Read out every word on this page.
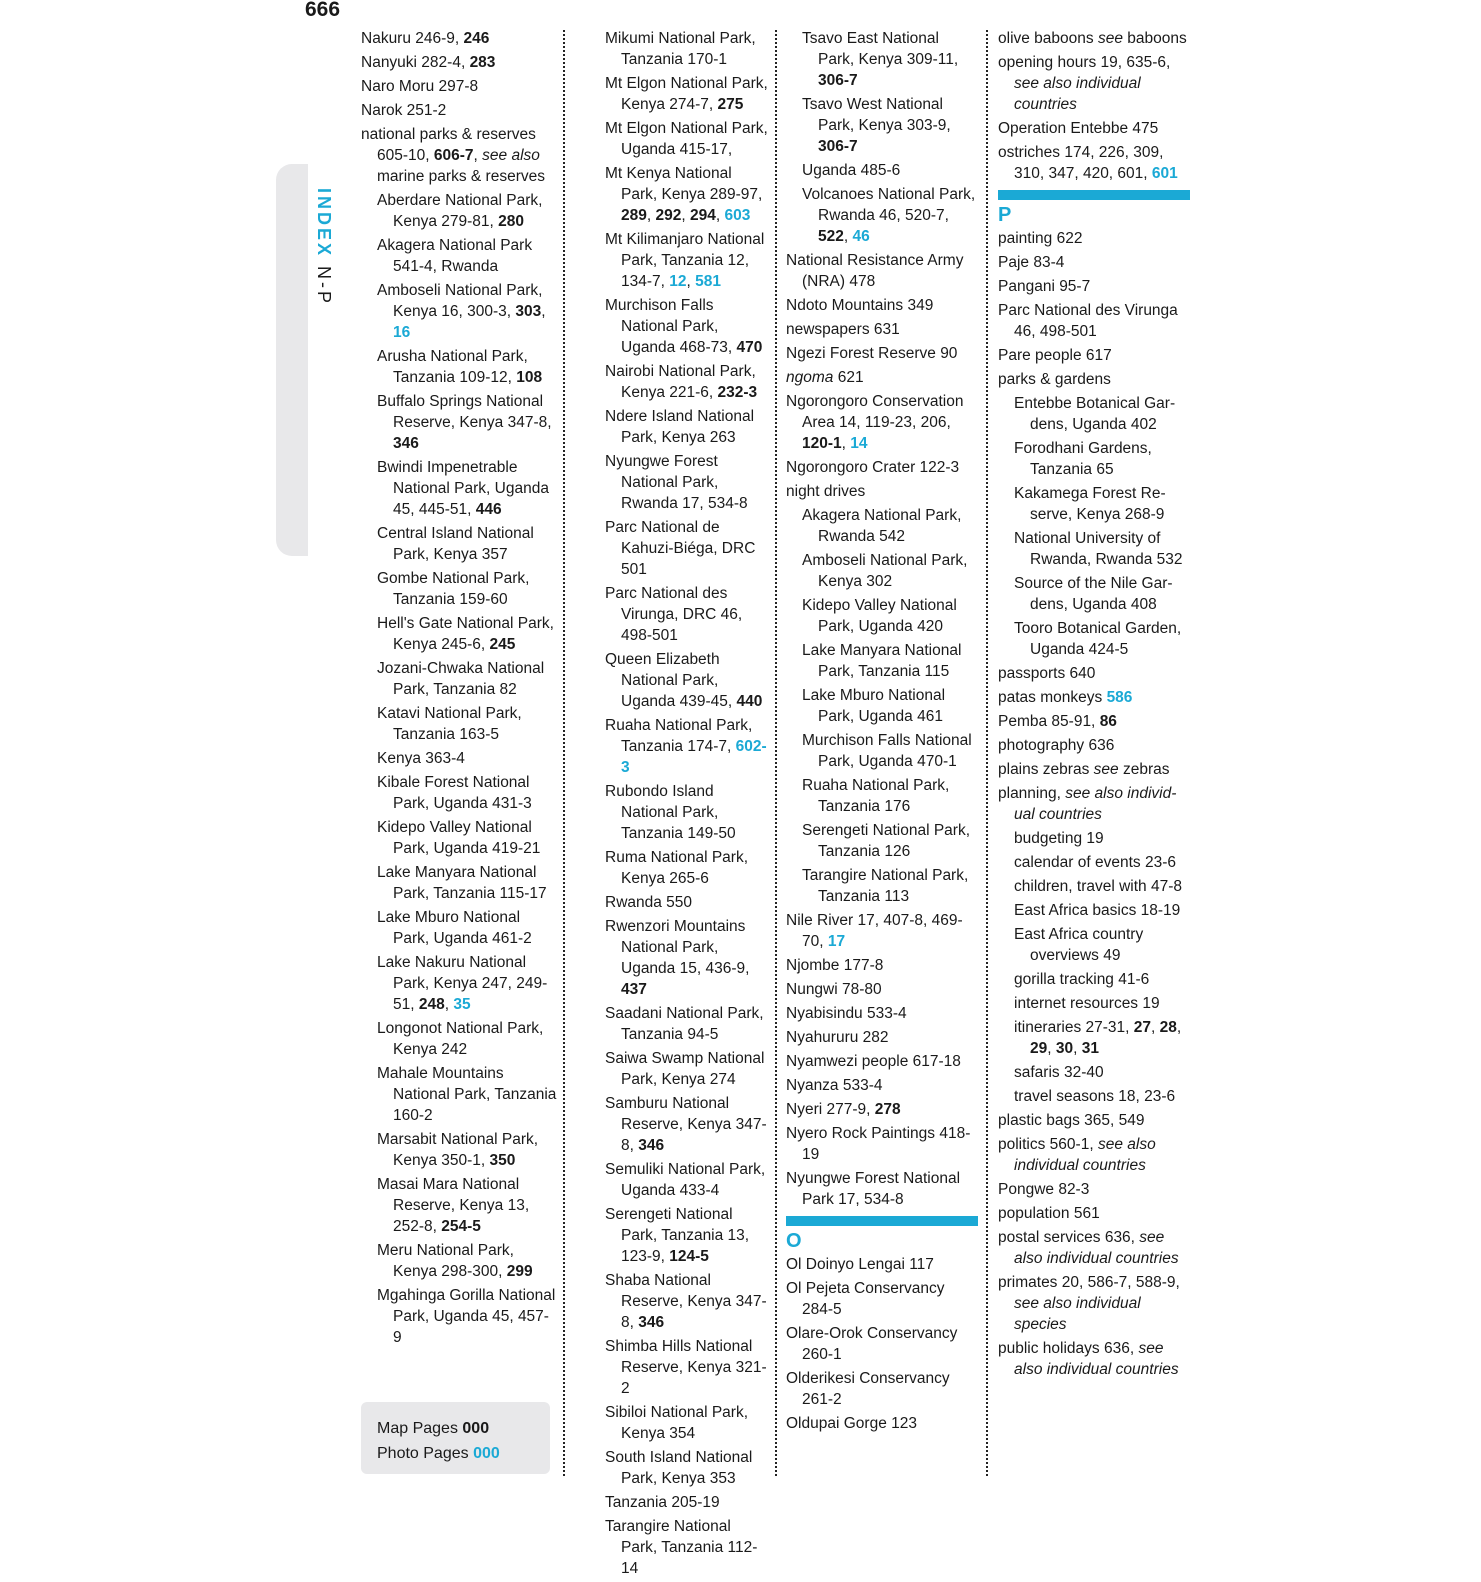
666
INDEXN-P
Nakuru 246-9, 246
Nanyuki 282-4, 283
Naro Moru 297-8
Narok 251-2
national parks & reserves 605-10, 606-7, see also marine parks & reserves
Aberdare National Park, Kenya 279-81, 280
Akagera National Park 541-4, Rwanda
Amboseli National Park, Kenya 16, 300-3, 303, 16
Arusha National Park, Tanzania 109-12, 108
Buffalo Springs National Reserve, Kenya 347-8, 346
Bwindi Impenetrable National Park, Uganda 45, 445-51, 446
Central Island National Park, Kenya 357
Gombe National Park, Tanzania 159-60
Hell's Gate National Park, Kenya 245-6, 245
Jozani-Chwaka National Park, Tanzania 82
Katavi National Park, Tanzania 163-5
Kenya 363-4
Kibale Forest National Park, Uganda 431-3
Kidepo Valley National Park, Uganda 419-21
Lake Manyara National Park, Tanzania 115-17
Lake Mburo National Park, Uganda 461-2
Lake Nakuru National Park, Kenya 247, 249-51, 248, 35
Longonot National Park, Kenya 242
Mahale Mountains National Park, Tanzania 160-2
Marsabit National Park, Kenya 350-1, 350
Masai Mara National Reserve, Kenya 13, 252-8, 254-5
Meru National Park, Kenya 298-300, 299
Mgahinga Gorilla National Park, Uganda 45, 457-9
Mikumi National Park, Tanzania 170-1
Mt Elgon National Park, Kenya 274-7, 275
Mt Elgon National Park, Uganda 415-17,
Mt Kenya National Park, Kenya 289-97, 289, 292, 294, 603
Mt Kilimanjaro National Park, Tanzania 12, 134-7, 12, 581
Murchison Falls National Park, Uganda 468-73, 470
Nairobi National Park, Kenya 221-6, 232-3
Ndere Island National Park, Kenya 263
Nyungwe Forest National Park, Rwanda 17, 534-8
Parc National de Kahuzi-Biéga, DRC 501
Parc National des Virunga, DRC 46, 498-501
Queen Elizabeth National Park, Uganda 439-45, 440
Ruaha National Park, Tanzania 174-7, 602-3
Rubondo Island National Park, Tanzania 149-50
Ruma National Park, Kenya 265-6
Rwanda 550
Rwenzori Mountains National Park, Uganda 15, 436-9, 437
Saadani National Park, Tanzania 94-5
Saiwa Swamp National Park, Kenya 274
Samburu National Reserve, Kenya 347-8, 346
Semuliki National Park, Uganda 433-4
Serengeti National Park, Tanzania 13, 123-9, 124-5
Shaba National Reserve, Kenya 347-8, 346
Shimba Hills National Reserve, Kenya 321-2
Sibiloi National Park, Kenya 354
South Island National Park, Kenya 353
Tanzania 205-19
Tarangire National Park, Tanzania 112-14
Tsavo East National Park, Kenya 309-11, 306-7
Tsavo West National Park, Kenya 303-9, 306-7
Uganda 485-6
Volcanoes National Park, Rwanda 46, 520-7, 522, 46
National Resistance Army (NRA) 478
Ndoto Mountains 349
newspapers 631
Ngezi Forest Reserve 90
ngoma 621
Ngorongoro Conservation Area 14, 119-23, 206, 120-1, 14
Ngorongoro Crater 122-3
night drives
Akagera National Park, Rwanda 542
Amboseli National Park, Kenya 302
Kidepo Valley National Park, Uganda 420
Lake Manyara National Park, Tanzania 115
Lake Mburo National Park, Uganda 461
Murchison Falls National Park, Uganda 470-1
Ruaha National Park, Tanzania 176
Serengeti National Park, Tanzania 126
Tarangire National Park, Tanzania 113
Nile River 17, 407-8, 469-70, 17
Njombe 177-8
Nungwi 78-80
Nyabisindu 533-4
Nyahururu 282
Nyamwezi people 617-18
Nyanza 533-4
Nyeri 277-9, 278
Nyero Rock Paintings 418-19
Nyungwe Forest National Park 17, 534-8
O
Ol Doinyo Lengai 117
Ol Pejeta Conservancy 284-5
Olare-Orok Conservancy 260-1
Olderikesi Conservancy 261-2
Oldupai Gorge 123
olive baboons see baboons
opening hours 19, 635-6, see also individual countries
Operation Entebbe 475
ostriches 174, 226, 309, 310, 347, 420, 601, 601
P
painting 622
Paje 83-4
Pangani 95-7
Parc National des Virunga 46, 498-501
Pare people 617
parks & gardens
Entebbe Botanical Gar-dens, Uganda 402
Forodhani Gardens, Tanzania 65
Kakamega Forest Re-serve, Kenya 268-9
National University of Rwanda, Rwanda 532
Source of the Nile Gar-dens, Uganda 408
Tooro Botanical Garden, Uganda 424-5
passports 640
patas monkeys 586
Pemba 85-91, 86
photography 636
plains zebras see zebras
planning, see also individ-ual countries
budgeting 19
calendar of events 23-6
children, travel with 47-8
East Africa basics 18-19
East Africa country overviews 49
gorilla tracking 41-6
internet resources 19
itineraries 27-31, 27, 28, 29, 30, 31
safaris 32-40
travel seasons 18, 23-6
plastic bags 365, 549
politics 560-1, see also individual countries
Pongwe 82-3
population 561
postal services 636, see also individual countries
primates 20, 586-7, 588-9, see also individual species
public holidays 636, see also individual countries
Map Pages 000
Photo Pages 000
